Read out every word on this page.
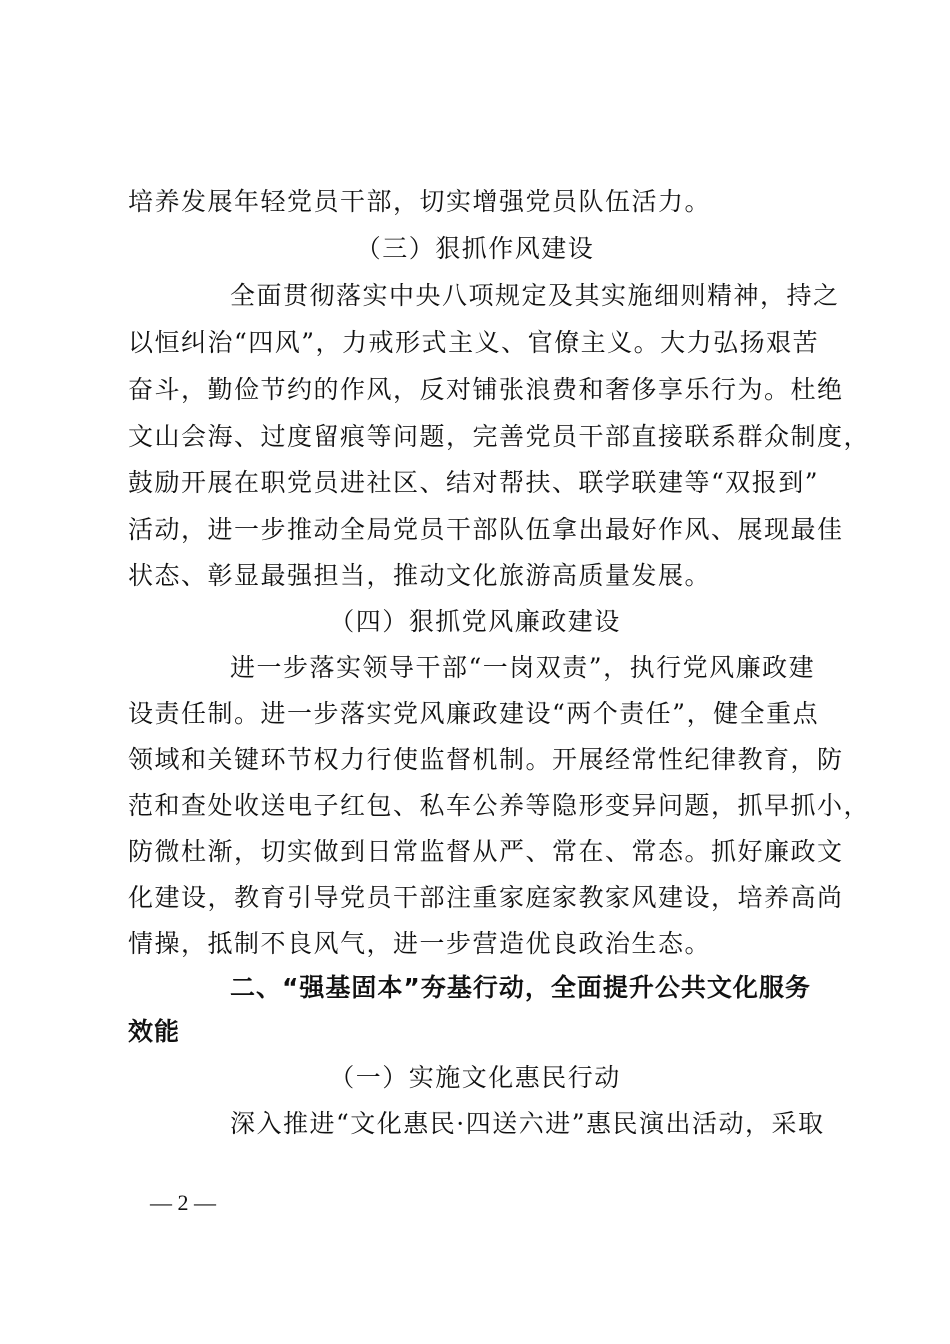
培养发展年轻党员干部，切实增强党员队伍活力。
（三）狠抓作风建设
全面贯彻落实中央八项规定及其实施细则精神，持之
以恒纠治“四风”，力戒形式主义、官僚主义。大力弘扬艰苦
奋斗，勤俭节约的作风，反对铺张浪费和奢侈享乐行为。杜绝
文山会海、过度留痕等问题，完善党员干部直接联系群众制度，
鼓励开展在职党员进社区、结对帮扶、联学联建等“双报到”
活动，进一步推动全局党员干部队伍拿出最好作风、展现最佳
状态、彰显最强担当，推动文化旅游高质量发展。
（四）狠抓党风廉政建设
进一步落实领导干部“一岗双责”，执行党风廉政建
设责任制。进一步落实党风廉政建设“两个责任”，健全重点
领域和关键环节权力行使监督机制。开展经常性纪律教育，防
范和查处收送电子红包、私车公养等隐形变异问题，抓早抓小，
防微杜渐，切实做到日常监督从严、常在、常态。抓好廉政文
化建设，教育引导党员干部注重家庭家教家风建设，培养高尚
情操，抵制不良风气，进一步营造优良政治生态。
二、“强基固本”夯基行动，全面提升公共文化服务
效能
（一）实施文化惠民行动
深入推进“文化惠民·四送六进”惠民演出活动，采取
— 2 —
